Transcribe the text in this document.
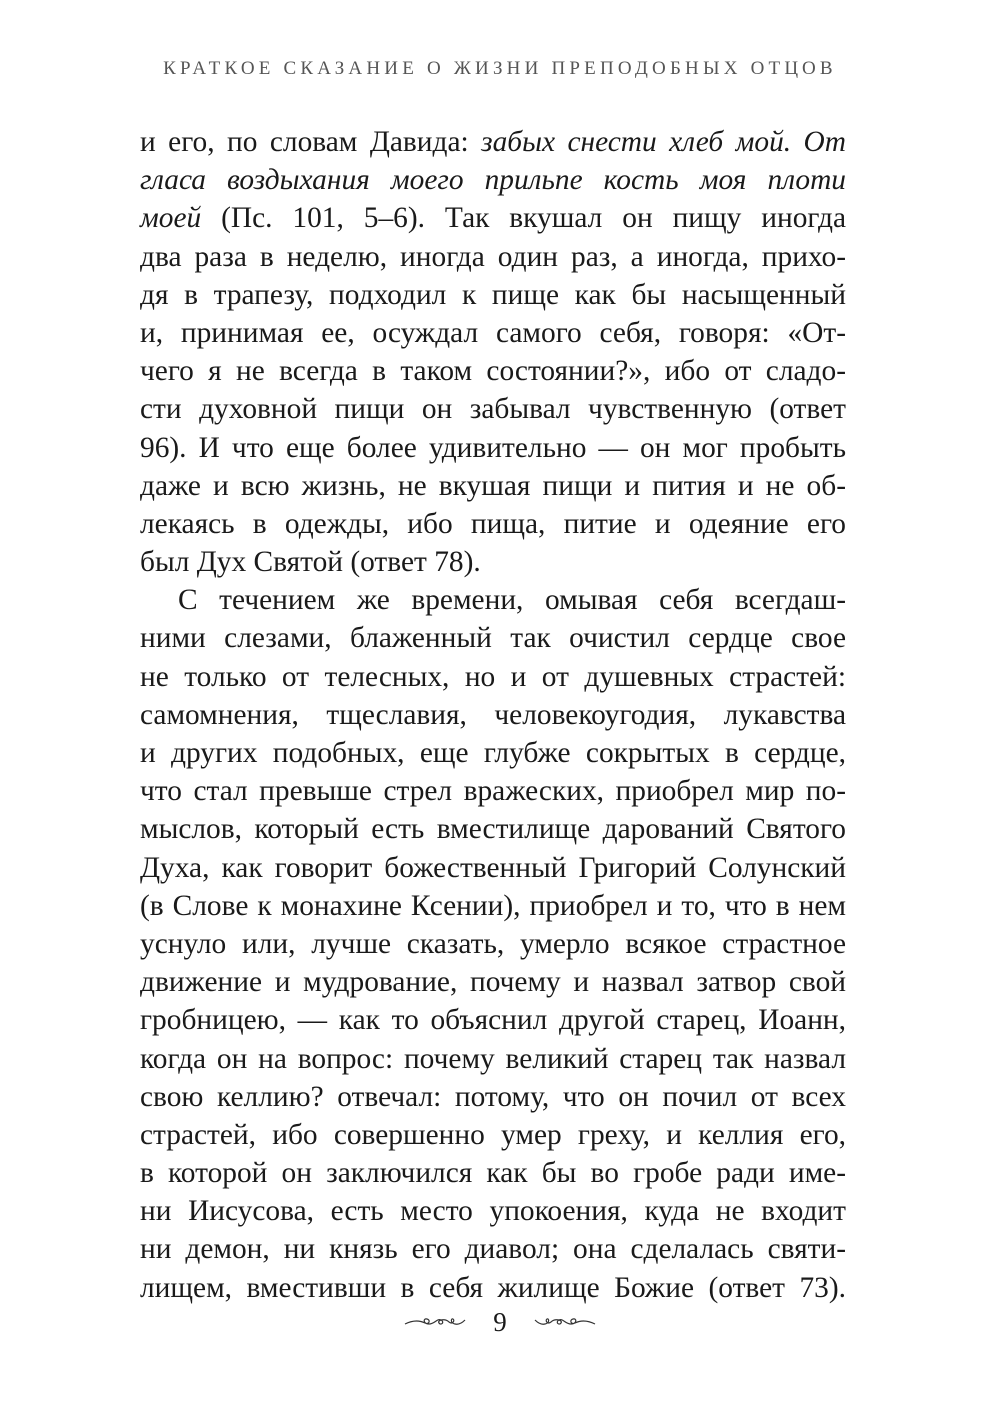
КРАТКОЕ СКАЗАНИЕ О ЖИЗНИ ПРЕПОДОБНЫХ ОТЦОВ
и его, по словам Давида: забых снести хлеб мой. От
гласа воздыхания моего прильпе кость моя плоти
моей (Пс. 101, 5–6). Так вкушал он пищу иногда
два раза в неделю, иногда один раз, а иногда, прихо-
дя в трапезу, подходил к пище как бы насыщенный
и, принимая ее, осуждал самого себя, говоря: «От-
чего я не всегда в таком состоянии?», ибо от сладо-
сти духовной пищи он забывал чувственную (ответ
96). И что еще более удивительно — он мог пробыть
даже и всю жизнь, не вкушая пищи и пития и не об-
лекаясь в одежды, ибо пища, питие и одеяние его
был Дух Святой (ответ 78).
С течением же времени, омывая себя всегдаш-
ними слезами, блаженный так очистил сердце свое
не только от телесных, но и от душевных страстей:
самомнения, тщеславия, человекоугодия, лукавства
и других подобных, еще глубже сокрытых в сердце,
что стал превыше стрел вражеских, приобрел мир по-
мыслов, который есть вместилище дарований Святого
Духа, как говорит божественный Григорий Солунский
(в Слове к монахине Ксении), приобрел и то, что в нем
уснуло или, лучше сказать, умерло всякое страстное
движение и мудрование, почему и назвал затвор свой
гробницею, — как то объяснил другой старец, Иоанн,
когда он на вопрос: почему великий старец так назвал
свою келлию? отвечал: потому, что он почил от всех
страстей, ибо совершенно умер греху, и келлия его,
в которой он заключился как бы во гробе ради име-
ни Иисусова, есть место упокоения, куда не входит
ни демон, ни князь его диавол; она сделалась святи-
лищем, вместивши в себя жилище Божие (ответ 73).
9
